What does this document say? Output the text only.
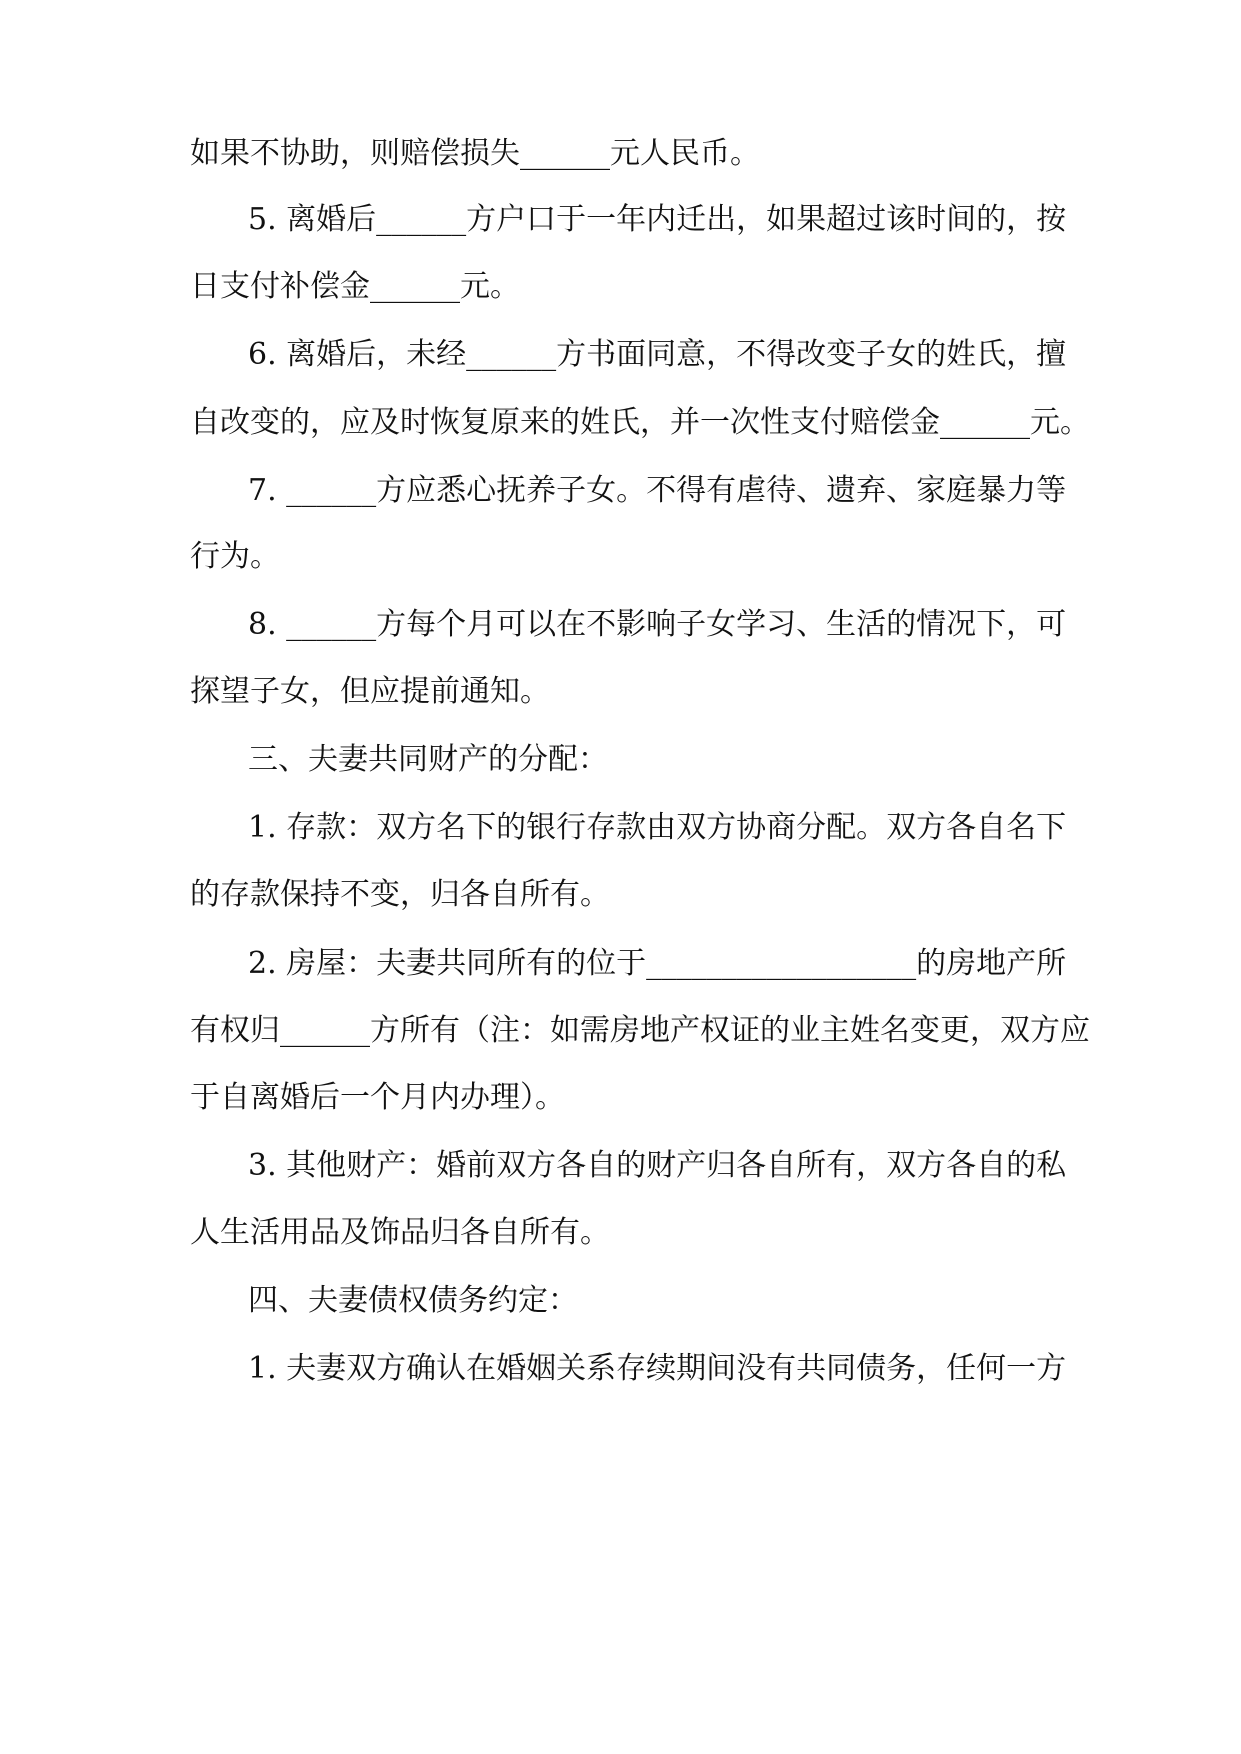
如果不协助，则赔偿损失______元人民币。
5. 离婚后______方户口于一年内迁出，如果超过该时间的，按
日支付补偿金______元。
6. 离婚后，未经______方书面同意，不得改变子女的姓氏，擅
自改变的，应及时恢复原来的姓氏，并一次性支付赔偿金______元。
7. ______方应悉心抚养子女。不得有虐待、遗弃、家庭暴力等
行为。
8. ______方每个月可以在不影响子女学习、生活的情况下，可
探望子女，但应提前通知。
三、夫妻共同财产的分配：
1. 存款：双方名下的银行存款由双方协商分配。双方各自名下
的存款保持不变，归各自所有。
2. 房屋：夫妻共同所有的位于__________________的房地产所
有权归______方所有（注：如需房地产权证的业主姓名变更，双方应
于自离婚后一个月内办理）。
3. 其他财产：婚前双方各自的财产归各自所有，双方各自的私
人生活用品及饰品归各自所有。
四、夫妻债权债务约定：
1. 夫妻双方确认在婚姻关系存续期间没有共同债务，任何一方
